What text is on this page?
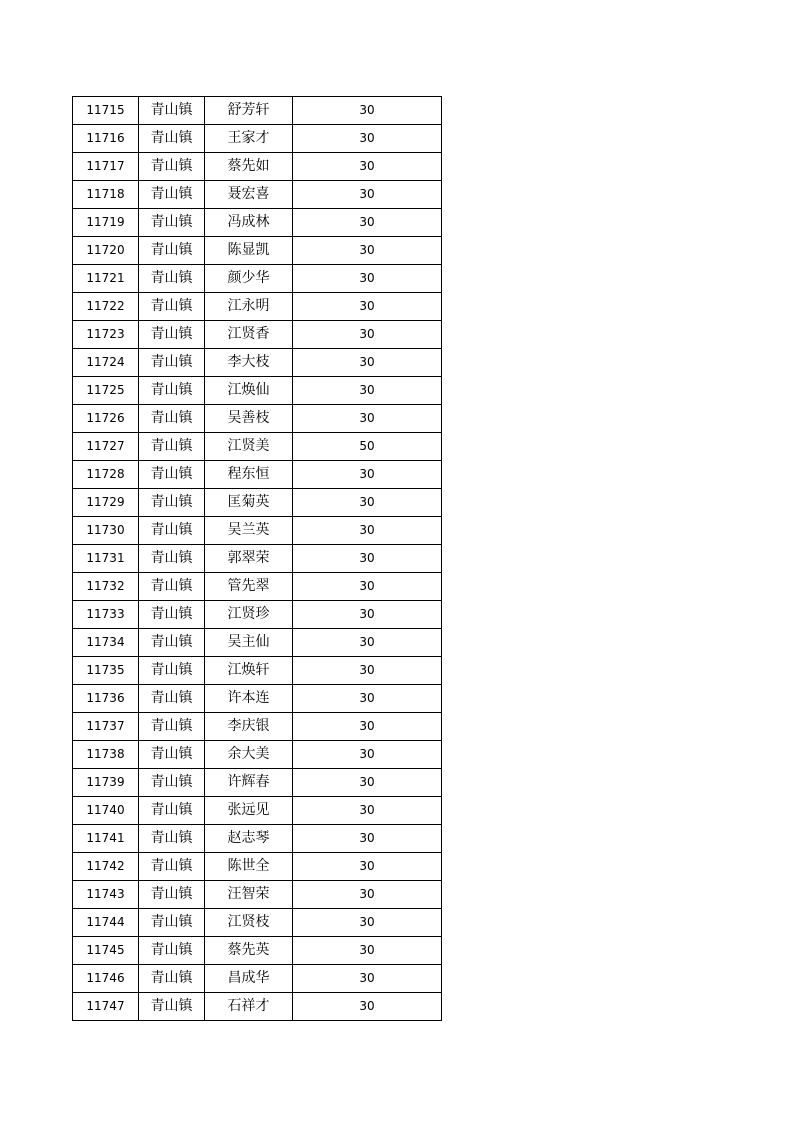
11715	青山镇	舒芳轩	30
11716	青山镇	王家才	30
11717	青山镇	蔡先如	30
11718	青山镇	聂宏喜	30
11719	青山镇	冯成林	30
11720	青山镇	陈显凯	30
11721	青山镇	颜少华	30
11722	青山镇	江永明	30
11723	青山镇	江贤香	30
11724	青山镇	李大枝	30
11725	青山镇	江焕仙	30
11726	青山镇	吴善枝	30
11727	青山镇	江贤美	50
11728	青山镇	程东恒	30
11729	青山镇	匡菊英	30
11730	青山镇	吴兰英	30
11731	青山镇	郭翠荣	30
11732	青山镇	管先翠	30
11733	青山镇	江贤珍	30
11734	青山镇	吴主仙	30
11735	青山镇	江焕轩	30
11736	青山镇	许本连	30
11737	青山镇	李庆银	30
11738	青山镇	余大美	30
11739	青山镇	许辉春	30
11740	青山镇	张远见	30
11741	青山镇	赵志琴	30
11742	青山镇	陈世全	30
11743	青山镇	汪智荣	30
11744	青山镇	江贤枝	30
11745	青山镇	蔡先英	30
11746	青山镇	昌成华	30
11747	青山镇	石祥才	30
